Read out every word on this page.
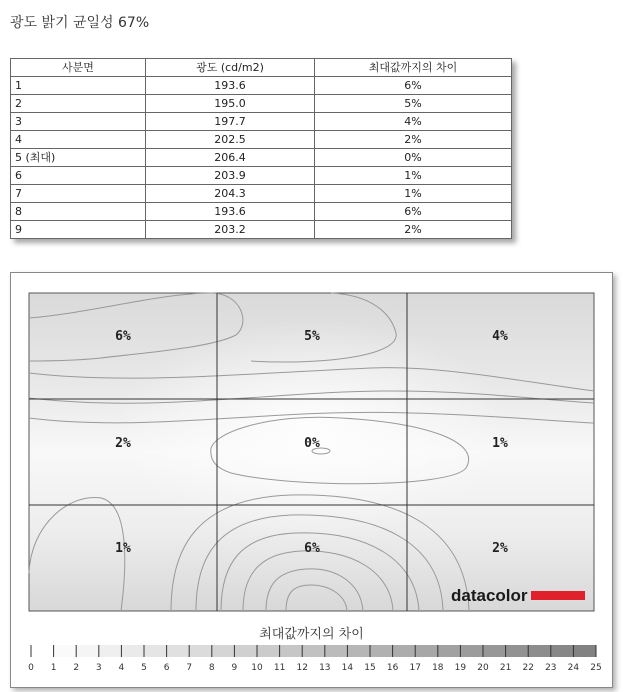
광도 밝기 균일성 67%
사분면	광도 (cd/m2)	최대값까지의 차이
1	193.6	6%
2	195.0	5%
3	197.7	4%
4	202.5	2%
5 (최대)	206.4	0%
6	203.9	1%
7	204.3	1%
8	193.6	6%
9	203.2	2%
6%	5%	4%
2%	0%	1%
1%	6%	2%
datacolor
0 1 2 3 4 5 6 7 8 9 10 11 12 13 14 15 16 17 18 19 20 21 22 23 24 25
최대값까지의 차이
